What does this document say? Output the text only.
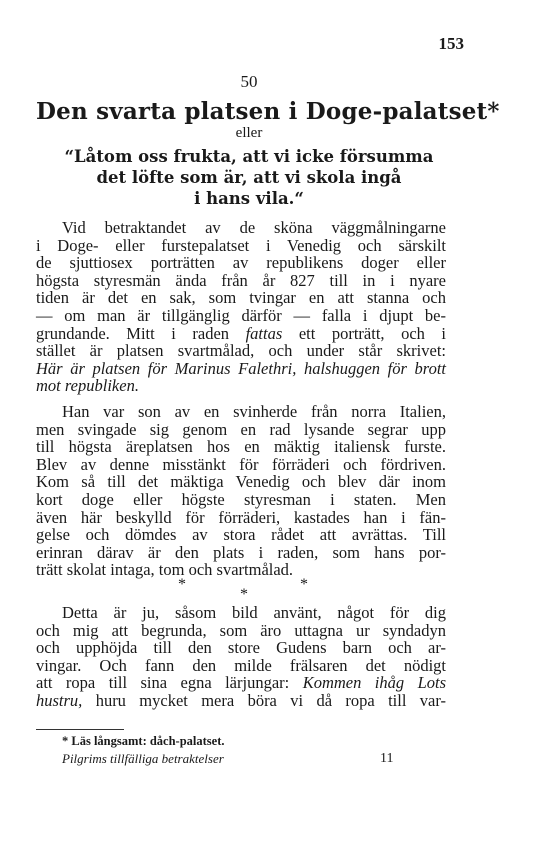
153
50
Den svarta platsen i Doge-palatset*
eller
“Låtom oss frukta, att vi icke försumma
det löfte som är, att vi skola ingå
i hans vila.“
Vid betraktandet av de sköna väggmålningarne
i Doge- eller furstepalatset i Venedig och särskilt
de sjuttiosex porträtten av republikens doger eller
högsta styresmän ända från år 827 till in i nyare
tiden är det en sak, som tvingar en att stanna och
— om man är tillgänglig därför — falla i djupt be-
grundande. Mitt i raden fattas ett porträtt, och i
stället är platsen svartmålad, och under står skrivet:
Här är platsen för Marinus Falethri, halshuggen för brott
mot republiken.
Han var son av en svinherde från norra Italien,
men svingade sig genom en rad lysande segrar upp
till högsta äreplatsen hos en mäktig italiensk furste.
Blev av denne misstänkt för förräderi och fördriven.
Kom så till det mäktiga Venedig och blev där inom
kort doge eller högste styresman i staten. Men
även här beskylld för förräderi, kastades han i fän-
gelse och dömdes av stora rådet att avrättas. Till
erinran därav är den plats i raden, som hans por-
trätt skolat intaga, tom och svartmålad.
*
*
*
Detta är ju, såsom bild använt, något för dig
och mig att begrunda, som äro uttagna ur syndadyn
och upphöjda till den store Gudens barn och ar-
vingar. Och fann den milde frälsaren det nödigt
att ropa till sina egna lärjungar: Kommen ihåg Lots
hustru, huru mycket mera böra vi då ropa till var-
* Läs långsamt: dåch-palatset.
Pilgrims tillfälliga betraktelser	11
